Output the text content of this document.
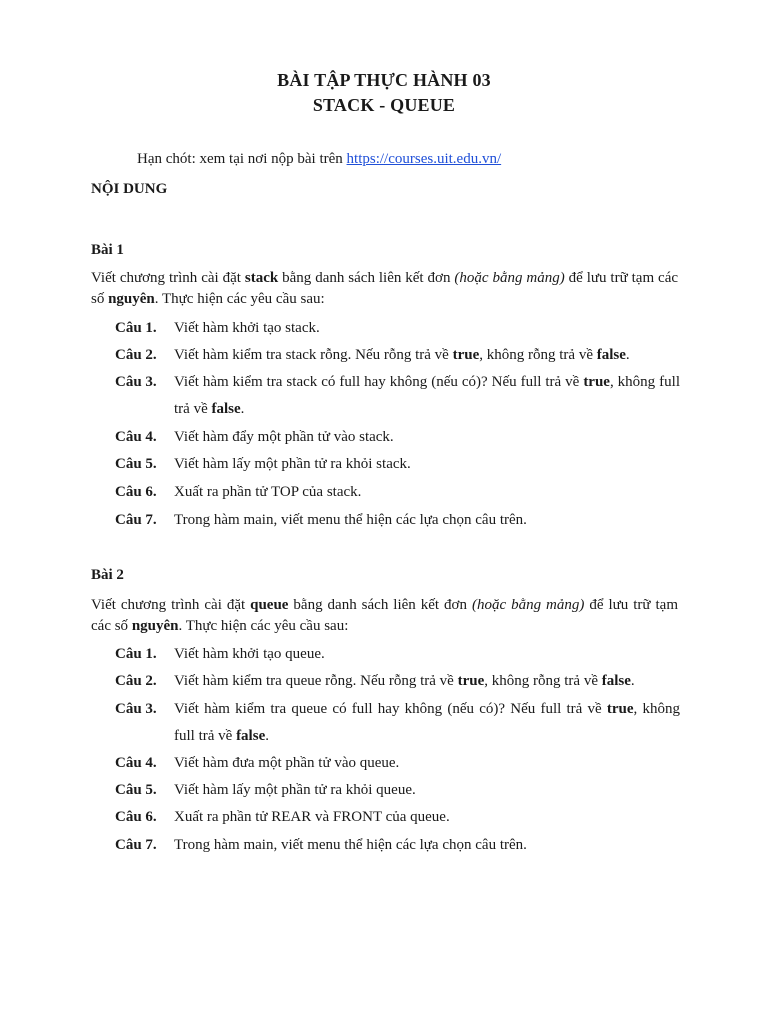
BÀI TẬP THỰC HÀNH 03
STACK - QUEUE
Hạn chót: xem tại nơi nộp bài trên https://courses.uit.edu.vn/
NỘI DUNG
Bài 1
Viết chương trình cài đặt stack bằng danh sách liên kết đơn (hoặc bằng mảng) để lưu trữ tạm các số nguyên. Thực hiện các yêu cầu sau:
Câu 1. Viết hàm khởi tạo stack.
Câu 2. Viết hàm kiểm tra stack rỗng. Nếu rỗng trả về true, không rỗng trả về false.
Câu 3. Viết hàm kiểm tra stack có full hay không (nếu có)? Nếu full trả về true, không full trả về false.
Câu 4. Viết hàm đẩy một phần tử vào stack.
Câu 5. Viết hàm lấy một phần tử ra khỏi stack.
Câu 6. Xuất ra phần tử TOP của stack.
Câu 7. Trong hàm main, viết menu thể hiện các lựa chọn câu trên.
Bài 2
Viết chương trình cài đặt queue bằng danh sách liên kết đơn (hoặc bằng mảng) để lưu trữ tạm các số nguyên. Thực hiện các yêu cầu sau:
Câu 1. Viết hàm khởi tạo queue.
Câu 2. Viết hàm kiểm tra queue rỗng. Nếu rỗng trả về true, không rỗng trả về false.
Câu 3. Viết hàm kiểm tra queue có full hay không (nếu có)? Nếu full trả về true, không full trả về false.
Câu 4. Viết hàm đưa một phần tử vào queue.
Câu 5. Viết hàm lấy một phần tử ra khỏi queue.
Câu 6. Xuất ra phần tử REAR và FRONT của queue.
Câu 7. Trong hàm main, viết menu thể hiện các lựa chọn câu trên.
